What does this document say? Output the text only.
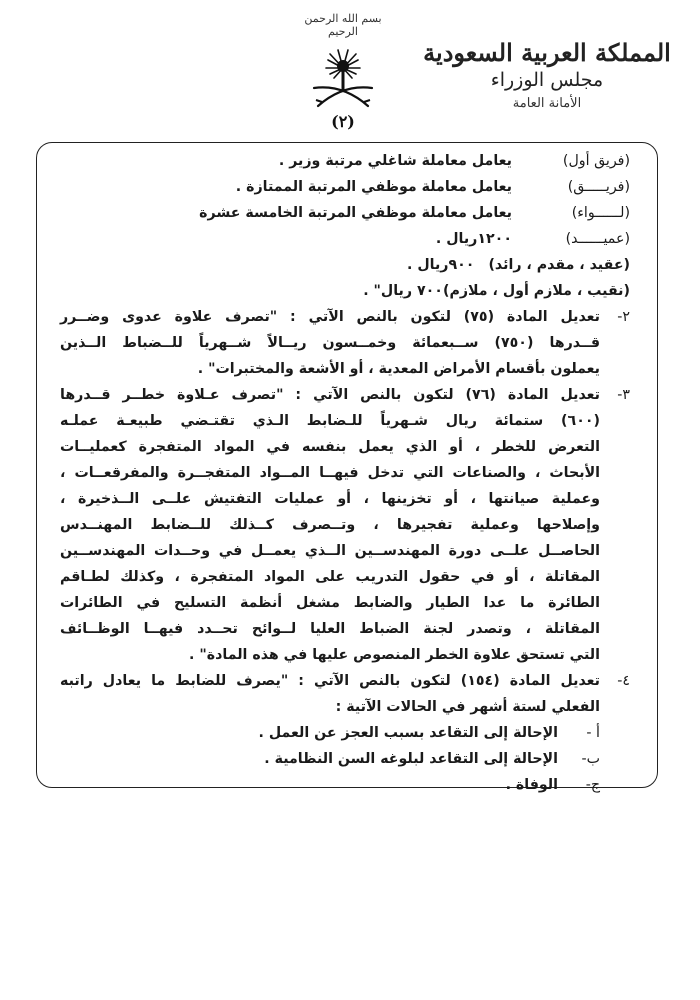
بسم الله الرحمن الرحيم
(٢)
المملكة العربية السعودية
مجلس الوزراء
الأمانة العامة
(فريق أول)
يعامل معاملة شاغلي مرتبة وزير .
(فريـــــق)
يعامل معاملة موظفي المرتبة الممتازة .
(لــــــواء)
يعامل معاملة موظفي المرتبة الخامسة عشرة
(عميــــــد)
١٢٠٠ريال .
(عقيد ، مقدم ، رائد)
٩٠٠ريال .
(نقيب ، ملازم أول ، ملازم)
٧٠٠ ريال" .
٢-
تعديل المادة (٧٥) لتكون بالنص الآتي : "تصرف علاوة عدوى وضــرر
قــدرها (٧٥٠) ســبعمائة وخمــسون ريــالاً شــهرياً للــضباط الــذين
يعملون بأقسام الأمراض المعدية ، أو الأشعة والمختبرات" .
٣-
تعديل المادة (٧٦) لتكون بالنص الآتي : "تصرف عـلاوة خطــر قــدرها
(٦٠٠) ستمائة ريال شـهرياً للـضابط الـذي تقتـضي طبيعـة عملـه
التعرض للخطر ، أو الذي يعمل بنفسه في المواد المتفجرة كعمليــات
الأبحاث ، والصناعات التي تدخل فيهــا المــواد المتفجــرة والمفرقعــات ،
وعملية صيانتها ، أو تخزينها ، أو عمليات التفتيش علــى الــذخيرة ،
وإصلاحها وعملية تفجيرها ، وتــصرف كــذلك للــضابط المهنــدس
الحاصــل علــى دورة المهندســين الــذي يعمــل في وحــدات المهندســين
المقاتلة ، أو في حقول التدريب على المواد المتفجرة ، وكذلك لطـاقم
الطائرة ما عدا الطيار والضابط مشغل أنظمة التسليح في الطائرات
المقاتلة ، وتصدر لجنة الضباط العليا لــوائح تحــدد فيهــا الوظــائف
التي تستحق علاوة الخطر المنصوص عليها في هذه المادة" .
٤-
تعديل المادة (١٥٤) لتكون بالنص الآتي : "يصرف للضابط ما يعادل راتبه
الفعلي لستة أشهر في الحالات الآتية :
أ -
الإحالة إلى التقاعد بسبب العجز عن العمل .
ب-
الإحالة إلى التقاعد لبلوغه السن النظامية .
ج-
الوفاة .
